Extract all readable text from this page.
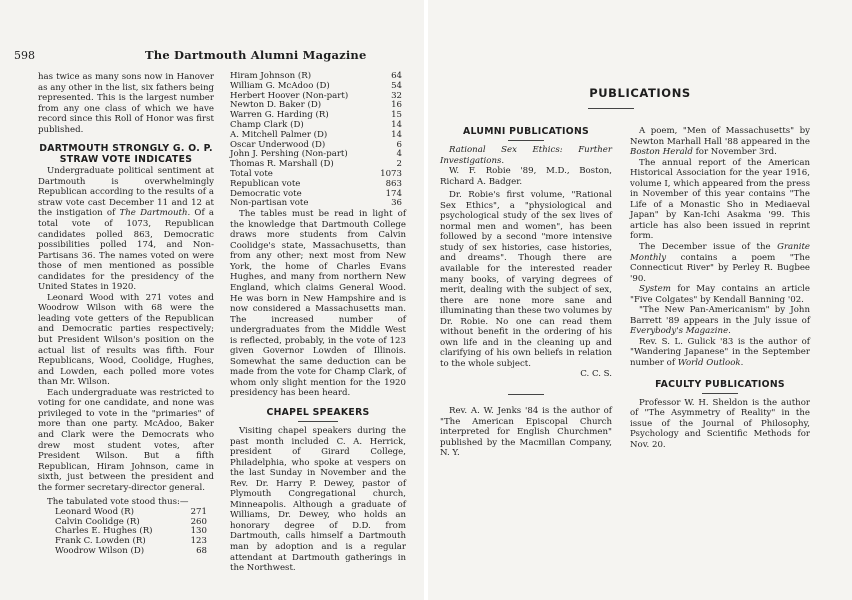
598	The Dartmouth Alumni Magazine

has twice as many sons now in Hanover as any other in the list, six fathers being represented. This is the largest number from any one class of which we have record since this Roll of Honor was first published.

DARTMOUTH STRONGLY G. O. P.
STRAW VOTE INDICATES

Undergraduate political sentiment at Dartmouth is overwhelmingly Republican according to the results of a straw vote cast December 11 and 12 at the instigation of The Dartmouth. Of a total vote of 1073, Republican candidates polled 863, Democratic possibilities polled 174, and Non-Partisans 36. The names voted on were those of men mentioned as possible candidates for the presidency of the United States in 1920.

Leonard Wood with 271 votes and Woodrow Wilson with 68 were the leading vote getters of the Republican and Democratic parties respectively; but President Wilson's position on the actual list of results was fifth. Four Republicans, Wood, Coolidge, Hughes, and Lowden, each polled more votes than Mr. Wilson.

Each undergraduate was restricted to voting for one candidate, and none was privileged to vote in the "primaries" of more than one party. McAdoo, Baker and Clark were the Democrats who drew most student votes, after President Wilson. But a fifth Republican, Hiram Johnson, came in sixth, just between the president and the former secretary-director general.

The tabulated vote stood thus:—

Leonard Wood (R)	271
Calvin Coolidge (R)	260
Charles E. Hughes (R)	130
Frank C. Lowden (R)	123
Woodrow Wilson (D)	68
Hiram Johnson (R)	64
William G. McAdoo (D)	54
Herbert Hoover (Non-part)	32
Newton D. Baker (D)	16
Warren G. Harding (R)	15
Champ Clark (D)	14
A. Mitchell Palmer (D)	14
Oscar Underwood (D)	6
John J. Pershing (Non-part)	4
Thomas R. Marshall (D)	2
Total vote	1073
Republican vote	863
Democratic vote	174
Non-partisan vote	36

The tables must be read in light of the knowledge that Dartmouth College draws more students from Calvin Coolidge's state, Massachusetts, than from any other; next most from New York, the home of Charles Evans Hughes, and many from northern New England, which claims General Wood. He was born in New Hampshire and is now considered a Massachusetts man. The increased number of undergraduates from the Middle West is reflected, probably, in the vote of 123 given Governor Lowden of Illinois. Somewhat the same deduction can be made from the vote for Champ Clark, of whom only slight mention for the 1920 presidency has been heard.

CHAPEL SPEAKERS

Visiting chapel speakers during the past month included C. A. Herrick, president of Girard College, Philadelphia, who spoke at vespers on the last Sunday in November and the Rev. Dr. Harry P. Dewey, pastor of Plymouth Congregational church, Minneapolis. Although a graduate of Williams, Dr. Dewey, who holds an honorary degree of D.D. from Dartmouth, calls himself a Dartmouth man by adoption and is a regular attendant at Dartmouth gatherings in the Northwest.

PUBLICATIONS
ALUMNI PUBLICATIONS

Rational Sex Ethics: Further Investigations.

W. F. Robie '89, M.D., Boston, Richard A. Badger.

Dr. Robie's first volume, "Rational Sex Ethics", a "physiological and psychological study of the sex lives of normal men and women", has been followed by a second "more intensive study of sex histories, case histories, and dreams". Though there are available for the interested reader many books, of varying degrees of merit, dealing with the subject of sex, there are none more sane and illuminating than these two volumes by Dr. Robie. No one can read them without benefit in the ordering of his own life and in the cleaning up and clarifying of his own beliefs in relation to the whole subject.

C. C. S.

Rev. A. W. Jenks '84 is the author of "The American Episcopal Church interpreted for English Churchmen" published by the Macmillan Company, N. Y.

A poem, "Men of Massachusetts" by Newton Marhall Hall '88 appeared in the Boston Herald for November 3rd.

The annual report of the American Historical Association for the year 1916, volume I, which appeared from the press in November of this year contains "The Life of a Monastic Sho in Mediaeval Japan" by Kan-Ichi Asakma '99. This article has also been issued in reprint form.

The December issue of the Granite Monthly contains a poem "The Connecticut River" by Perley R. Bugbee '90.

System for May contains an article "Five Colgates" by Kendall Banning '02.

"The New Pan-Americanism" by John Barrett '89 appears in the July issue of Everybody's Magazine.

Rev. S. L. Gulick '83 is the author of "Wandering Japanese" in the September number of World Outlook.

FACULTY PUBLICATIONS

Professor W. H. Sheldon is the author of "The Asymmetry of Reality" in the issue of the Journal of Philosophy, Psychology and Scientific Methods for Nov. 20.
